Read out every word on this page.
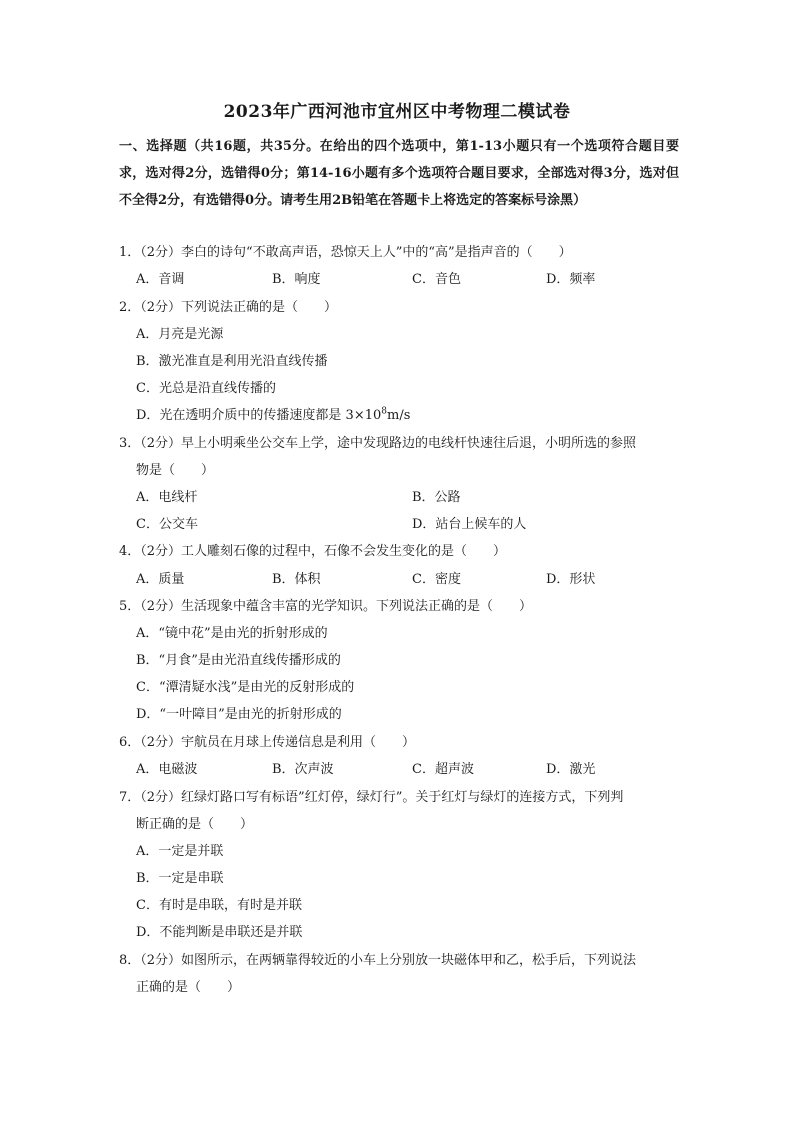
2023年广西河池市宜州区中考物理二模试卷
一、选择题（共16题，共35分。在给出的四个选项中，第1-13小题只有一个选项符合题目要求，选对得2分，选错得0分；第14-16小题有多个选项符合题目要求，全部选对得3分，选对但不全得2分，有选错得0分。请考生用2B铅笔在答题卡上将选定的答案标号涂黑）
1．（2分）李白的诗句“不敢高声语，恐惊天上人”中的“高”是指声音的（　　）
A．音调	B．响度	C．音色	D．频率
2．（2分）下列说法正确的是（　　）
A．月亮是光源
B．激光准直是利用光沿直线传播
C．光总是沿直线传播的
D．光在透明介质中的传播速度都是 $3\times 10^8m/s$
3．（2分）早上小明乘坐公交车上学，途中发现路边的电线杆快速往后退，小明所选的参照
物是（　　）
A．电线杆	B．公路
C．公交车	D．站台上候车的人
4．（2分）工人雕刻石像的过程中，石像不会发生变化的是（　　）
A．质量	B．体积	C．密度	D．形状
5．（2分）生活现象中蕴含丰富的光学知识。下列说法正确的是（　　）
A．“镜中花”是由光的折射形成的
B．“月食”是由光沿直线传播形成的
C．“潭清疑水浅”是由光的反射形成的
D．“一叶障目”是由光的折射形成的
6．（2分）宇航员在月球上传递信息是利用（　　）
A．电磁波	B．次声波	C．超声波	D．激光
7．（2分）红绿灯路口写有标语”红灯停，绿灯行”。关于红灯与绿灯的连接方式，下列判
断正确的是（　　）
A．一定是并联
B．一定是串联
C．有时是串联，有时是并联
D．不能判断是串联还是并联
8．（2分）如图所示，在两辆靠得较近的小车上分别放一块磁体甲和乙，松手后，下列说法
正确的是（　　）
